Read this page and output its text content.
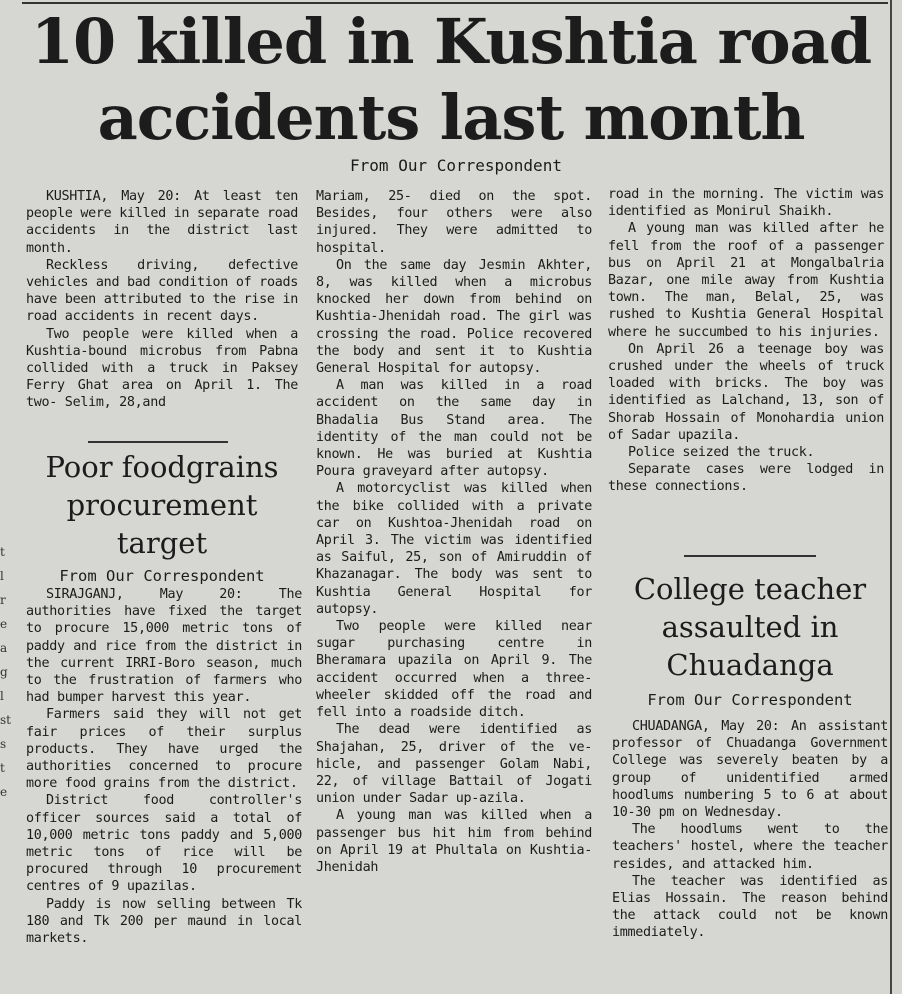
t
l
r
e
a
g
l
st
s
t
e
10 killed in Kushtia road
accidents last month
From Our Correspondent

KUSHTIA, May 20: At least ten people were killed in separate road accidents in the district last month.

Reckless driving, defective vehicles and bad condition of roads have been attributed to the rise in road accidents in recent days.

Two people were killed when a Kushtia-bound microbus from Pabna collided with a truck in Paksey Ferry Ghat area on April 1. The two- Selim, 28,and

Poor foodgrains
procurement
target
From Our Correspondent

SIRAJGANJ, May 20: The authorities have fixed the target to procure 15,000 metric tons of paddy and rice from the district in the current IRRI-Boro season, much to the frustration of farmers who had bumper harvest this year.

Farmers said they will not get fair prices of their surplus products. They have urged the authorities concerned to procure more food grains from the district.

District food controller's officer sources said a total of 10,000 metric tons paddy and 5,000 metric tons of rice will be procured through 10 procurement centres of 9 upazilas.

Paddy is now selling between Tk 180 and Tk 200 per maund in local markets.

Mariam, 25- died on the spot. Besides, four others were also injured. They were admitted to hospital.

On the same day Jesmin Akhter, 8, was killed when a microbus knocked her down from behind on Kushtia-Jhenidah road. The girl was crossing the road. Police recovered the body and sent it to Kushtia General Hospital for autopsy.

A man was killed in a road accident on the same day in Bhadalia Bus Stand area. The identity of the man could not be known. He was buried at Kushtia Poura graveyard after autopsy.

A motorcyclist was killed when the bike collided with a private car on Kushtoa-Jhenidah road on April 3. The victim was identified as Saiful, 25, son of Amiruddin of Khazanagar. The body was sent to Kushtia General Hospital for autopsy.

Two people were killed near sugar purchasing centre in Bheramara upazila on April 9. The accident occurred when a three-wheeler skidded off the road and fell into a roadside ditch.

The dead were identified as Shajahan, 25, driver of the ve-hicle, and passenger Golam Nabi, 22, of village Battail of Jogati union under Sadar up-azila.

A young man was killed when a passenger bus hit him from behind on April 19 at Phultala on Kushtia-Jhenidah

road in the morning. The victim was identified as Monirul Shaikh.

A young man was killed after he fell from the roof of a passenger bus on April 21 at Mongalbalria Bazar, one mile away from Kushtia town. The man, Belal, 25, was rushed to Kushtia General Hospital where he succumbed to his injuries.

On April 26 a teenage boy was crushed under the wheels of truck loaded with bricks. The boy was identified as Lalchand, 13, son of Shorab Hossain of Monohardia union of Sadar upazila.

Police seized the truck.

Separate cases were lodged in these connections.

College teacher
assaulted in
Chuadanga
From Our Correspondent

CHUADANGA, May 20: An assistant professor of Chuadanga Government College was severely beaten by a group of unidentified armed hoodlums numbering 5 to 6 at about 10-30 pm on Wednesday.

The hoodlums went to the teachers' hostel, where the teacher resides, and attacked him.

The teacher was identified as Elias Hossain. The reason behind the attack could not be known immediately.
